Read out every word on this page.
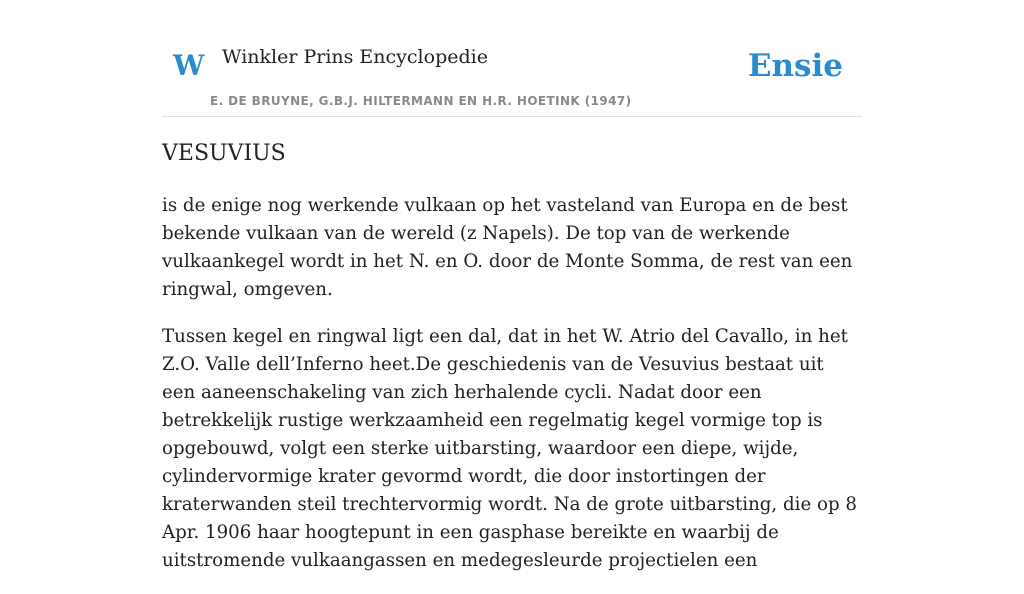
W Winkler Prins Encyclopedie
E. DE BRUYNE, G.B.J. HILTERMANN EN H.R. HOETINK (1947)
Ensie
VESUVIUS

is de enige nog werkende vulkaan op het vasteland van Europa en de best bekende vulkaan van de wereld (z Napels). De top van de werkende vulkaankegel wordt in het N. en O. door de Monte Somma, de rest van een ringwal, omgeven.

Tussen kegel en ringwal ligt een dal, dat in het W. Atrio del Cavallo, in het Z.O. Valle dell’Inferno heet.De geschiedenis van de Vesuvius bestaat uit een aaneenschakeling van zich herhalende cycli. Nadat door een betrekkelijk rustige werkzaamheid een regelmatig kegel vormige top is opgebouwd, volgt een sterke uitbarsting, waardoor een diepe, wijde, cylindervormige krater gevormd wordt, die door instortingen der kraterwanden steil trechtervormig wordt. Na de grote uitbarsting, die op 8 Apr. 1906 haar hoogtepunt in een gasphase bereikte en waarbij de uitstromende vulkaangassen en medegesleurde projectielen een
